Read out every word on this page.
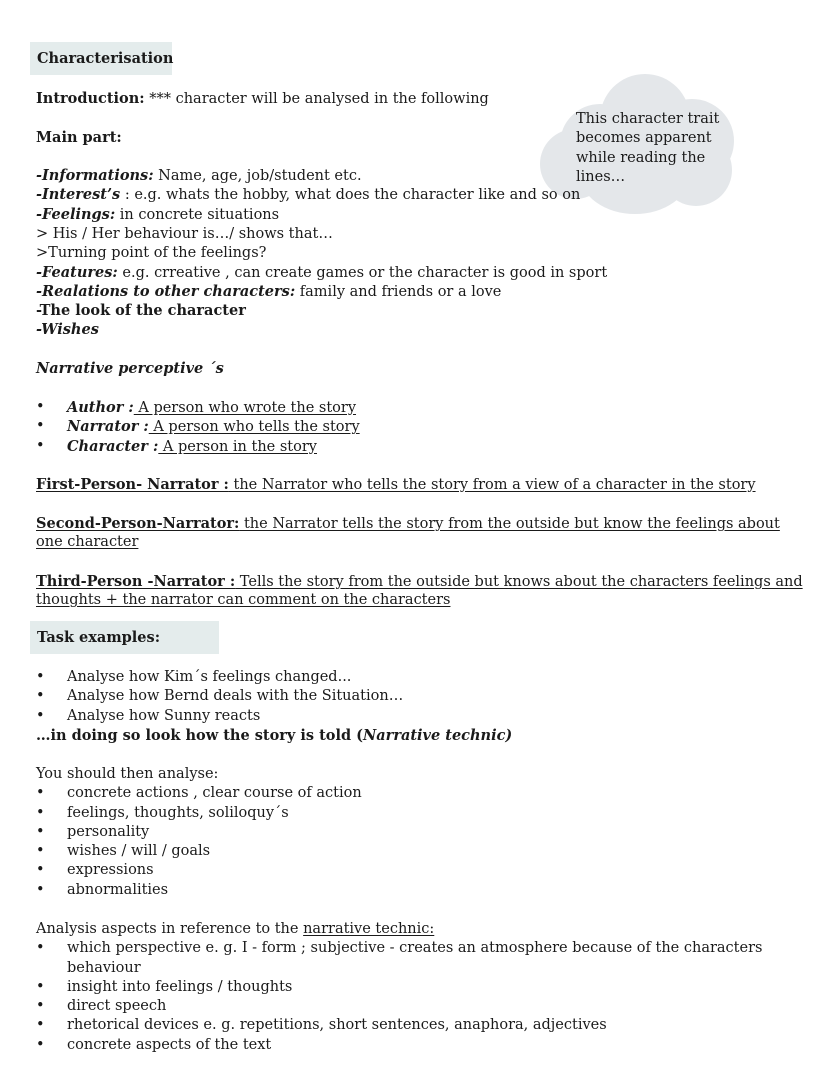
This character trait becomes apparent while reading the lines…
Characterisation
Introduction: *** character will be analysed in the following
Main part:
-Informations: Name, age, job/student etc.
-Interest’s : e.g. whats the hobby, what does the character like and so on
-Feelings: in concrete situations
> His / Her behaviour is…/ shows that…
>Turning point of the feelings?
-Features: e.g. crreative , can create games or the character is good in sport
-Realations to other characters: family and friends or a love
-The look of the character
-Wishes
Narrative perceptive ´s
•	Author : A person who wrote the story
•	Narrator : A person who tells the story
•	Character : A person in the story
First-Person- Narrator : the Narrator who tells the story from a view of a character in the story
Second-Person-Narrator: the Narrator tells the story from the outside but know the feelings about
one character
Third-Person -Narrator : Tells the story from the outside but knows about the characters feelings and
thoughts + the narrator can comment on the characters
Task examples:
•	Analyse how Kim´s feelings changed...
•	Analyse how Bernd deals with the Situation…
•	Analyse how Sunny reacts
…in doing so look how the story is told (Narrative technic)
You should then analyse:
•	concrete actions , clear course of action
•	feelings, thoughts, soliloquy´s
•	personality
•	wishes / will / goals
•	expressions
•	abnormalities
Analysis aspects in reference to the narrative technic:
•	which perspective e. g. I - form ; subjective - creates an atmosphere because of the characters
behaviour
•	insight into feelings / thoughts
•	direct speech
•	rhetorical devices e. g. repetitions, short sentences, anaphora, adjectives
•	concrete aspects of the text
